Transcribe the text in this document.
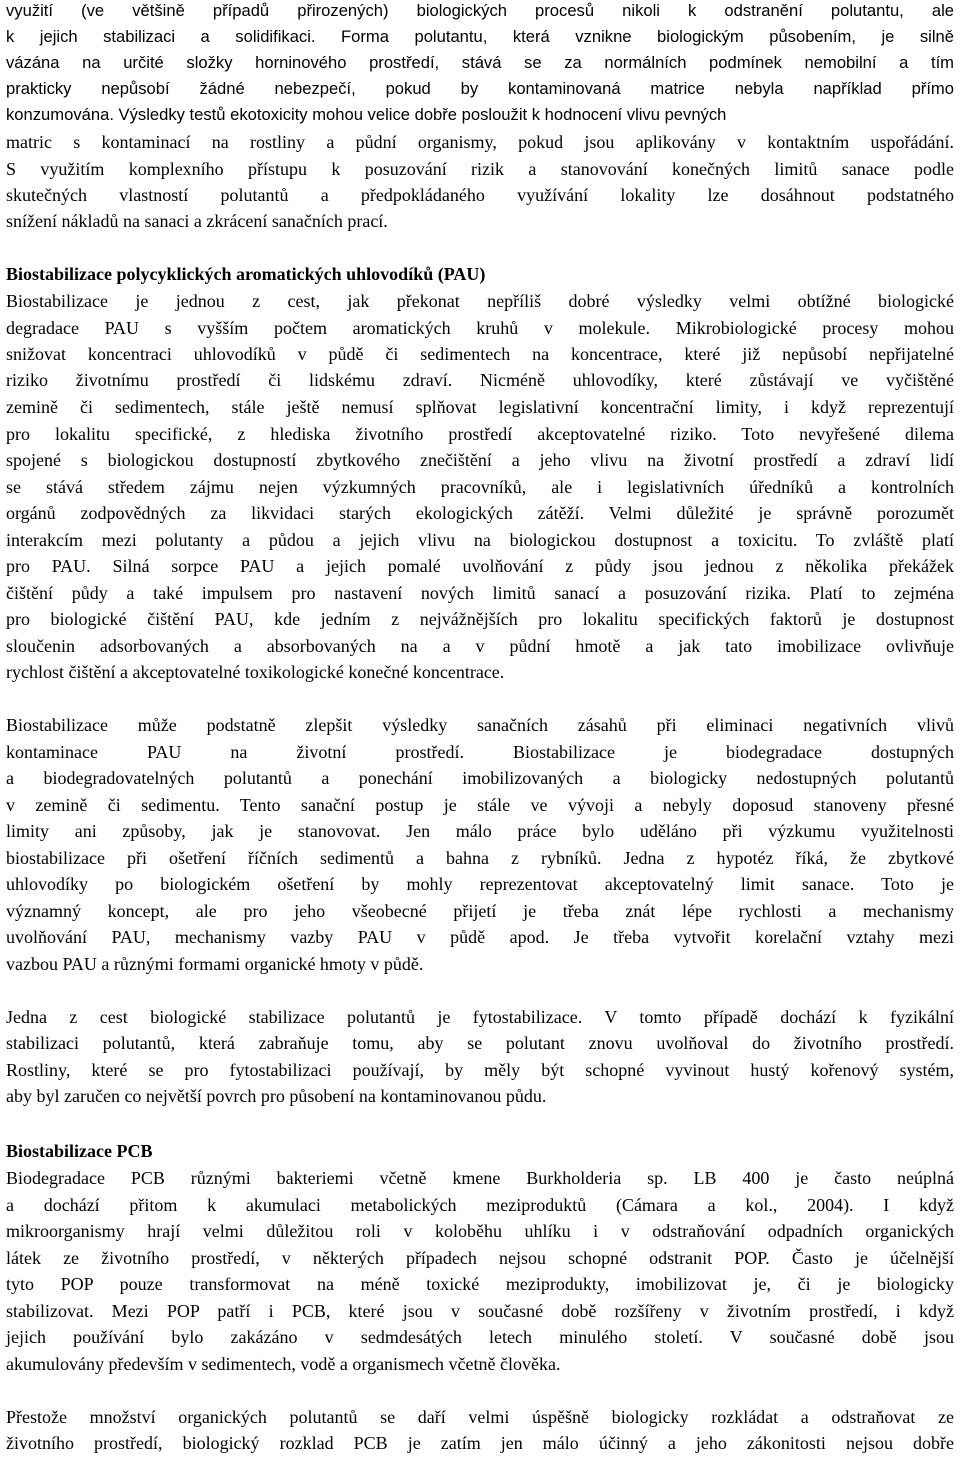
využití (ve většině případů přirozených) biologických procesů nikoli k odstranění polutantu, ale
k jejich stabilizaci a solidifikaci. Forma polutantu, která vznikne biologickým působením, je silně
vázána na určité složky horninového prostředí, stává se za normálních podmínek nemobilní a tím
prakticky nepůsobí žádné nebezpečí, pokud by kontaminovaná matrice nebyla například přímo
konzumována. Výsledky testů ekotoxicity mohou velice dobře posloužit k hodnocení vlivu pevných
matric s kontaminací na rostliny a půdní organismy, pokud jsou aplikovány v kontaktním uspořádání.
S využitím komplexního přístupu k posuzování rizik a stanovování konečných limitů sanace podle
skutečných vlastností polutantů a předpokládaného využívání lokality lze dosáhnout podstatného
snížení nákladů na sanaci a zkrácení sanačních prací.
Biostabilizace polycyklických aromatických uhlovodíků (PAU)
Biostabilizace je jednou z cest, jak překonat nepříliš dobré výsledky velmi obtížné biologické
degradace PAU s vyšším počtem aromatických kruhů v molekule. Mikrobiologické procesy mohou
snižovat koncentraci uhlovodíků v půdě či sedimentech na koncentrace, které již nepůsobí nepřijatelné
riziko životnímu prostředí či lidskému zdraví. Nicméně uhlovodíky, které zůstávají ve vyčištěné
zemině či sedimentech, stále ještě nemusí splňovat legislativní koncentrační limity, i když reprezentují
pro lokalitu specifické, z hlediska životního prostředí akceptovatelné riziko. Toto nevyřešené dilema
spojené s biologickou dostupností zbytkového znečištění a jeho vlivu na životní prostředí a zdraví lidí
se stává středem zájmu nejen výzkumných pracovníků, ale i legislativních úředníků a kontrolních
orgánů zodpovědných za likvidaci starých ekologických zátěží. Velmi důležité je správně porozumět
interakcím mezi polutanty a půdou a jejich vlivu na biologickou dostupnost a toxicitu. To zvláště platí
pro PAU. Silná sorpce PAU a jejich pomalé uvolňování z půdy jsou jednou z několika překážek
čištění půdy a také impulsem pro nastavení nových limitů sanací a posuzování rizika. Platí to zejména
pro biologické čištění PAU, kde jedním z nejvážnějších pro lokalitu specifických faktorů je dostupnost
sloučenin adsorbovaných a absorbovaných na a v půdní hmotě a jak tato imobilizace ovlivňuje
rychlost čištění a akceptovatelné toxikologické konečné koncentrace.
Biostabilizace může podstatně zlepšit výsledky sanačních zásahů při eliminaci negativních vlivů
kontaminace PAU na životní prostředí. Biostabilizace je biodegradace dostupných
a biodegradovatelných polutantů a ponechání imobilizovaných a biologicky nedostupných polutantů
v zemině či sedimentu. Tento sanační postup je stále ve vývoji a nebyly doposud stanoveny přesné
limity ani způsoby, jak je stanovovat. Jen málo práce bylo uděláno při výzkumu využitelnosti
biostabilizace při ošetření říčních sedimentů a bahna z rybníků. Jedna z hypotéz říká, že zbytkové
uhlovodíky po biologickém ošetření by mohly reprezentovat akceptovatelný limit sanace. Toto je
významný koncept, ale pro jeho všeobecné přijetí je třeba znát lépe rychlosti a mechanismy
uvolňování PAU, mechanismy vazby PAU v půdě apod. Je třeba vytvořit korelační vztahy mezi
vazbou PAU a různými formami organické hmoty v půdě.
Jedna z cest biologické stabilizace polutantů je fytostabilizace. V tomto případě dochází k fyzikální
stabilizaci polutantů, která zabraňuje tomu, aby se polutant znovu uvolňoval do životního prostředí.
Rostliny, které se pro fytostabilizaci používají, by měly být schopné vyvinout hustý kořenový systém,
aby byl zaručen co největší povrch pro působení na kontaminovanou půdu.
Biostabilizace PCB
Biodegradace PCB různými bakteriemi včetně kmene Burkholderia sp. LB 400 je často neúplná
a dochází přitom k akumulaci metabolických meziproduktů (Cámara a kol., 2004). I když
mikroorganismy hrají velmi důležitou roli v koloběhu uhlíku i v odstraňování odpadních organických
látek ze životního prostředí, v některých případech nejsou schopné odstranit POP. Často je účelnější
tyto POP pouze transformovat na méně toxické meziprodukty, imobilizovat je, či je biologicky
stabilizovat. Mezi POP patří i PCB, které jsou v současné době rozšířeny v životním prostředí, i když
jejich používání bylo zakázáno v sedmdesátých letech minulého století. V současné době jsou
akumulovány především v sedimentech, vodě a organismech včetně člověka.
Přestože množství organických polutantů se daří velmi úspěšně biologicky rozkládat a odstraňovat ze
životního prostředí, biologický rozklad PCB je zatím jen málo účinný a jeho zákonitosti nejsou dobře
